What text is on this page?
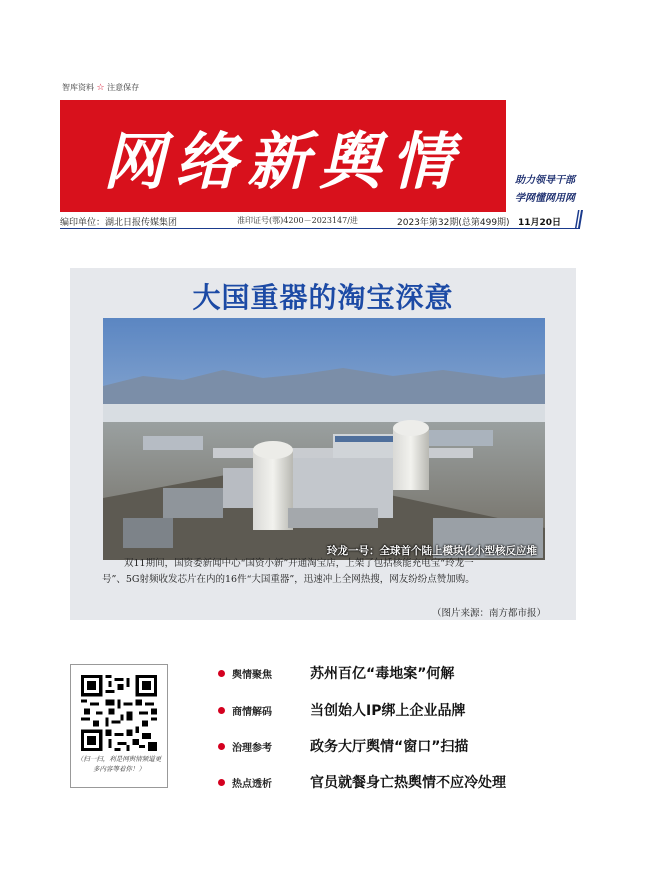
智库资料 ☆ 注意保存
网络新舆情	助力领导干部
学网懂网用网
编印单位：湖北日报传媒集团	准印证号(鄂)4200－2023147/进	2023年第32期(总第499期) 11月20日
大国重器的淘宝深意
玲龙一号：全球首个陆上模块化小型核反应堆

双11期间，国资委新闻中心“国资小新”开通淘宝店，上架了包括核能充电宝“玲龙一

号”、5G射频收发芯片在内的16件“大国重器”，迅速冲上全网热搜，网友纷纷点赞加购。

（图片来源：南方都市报）
（扫一扫，利是网舆情频道更多内容等着你！）
舆情聚焦	苏州百亿“毒地案”何解
商情解码	当创始人IP绑上企业品牌
治理参考	政务大厅舆情“窗口”扫描
热点透析	官员就餐身亡热舆情不应冷处理
